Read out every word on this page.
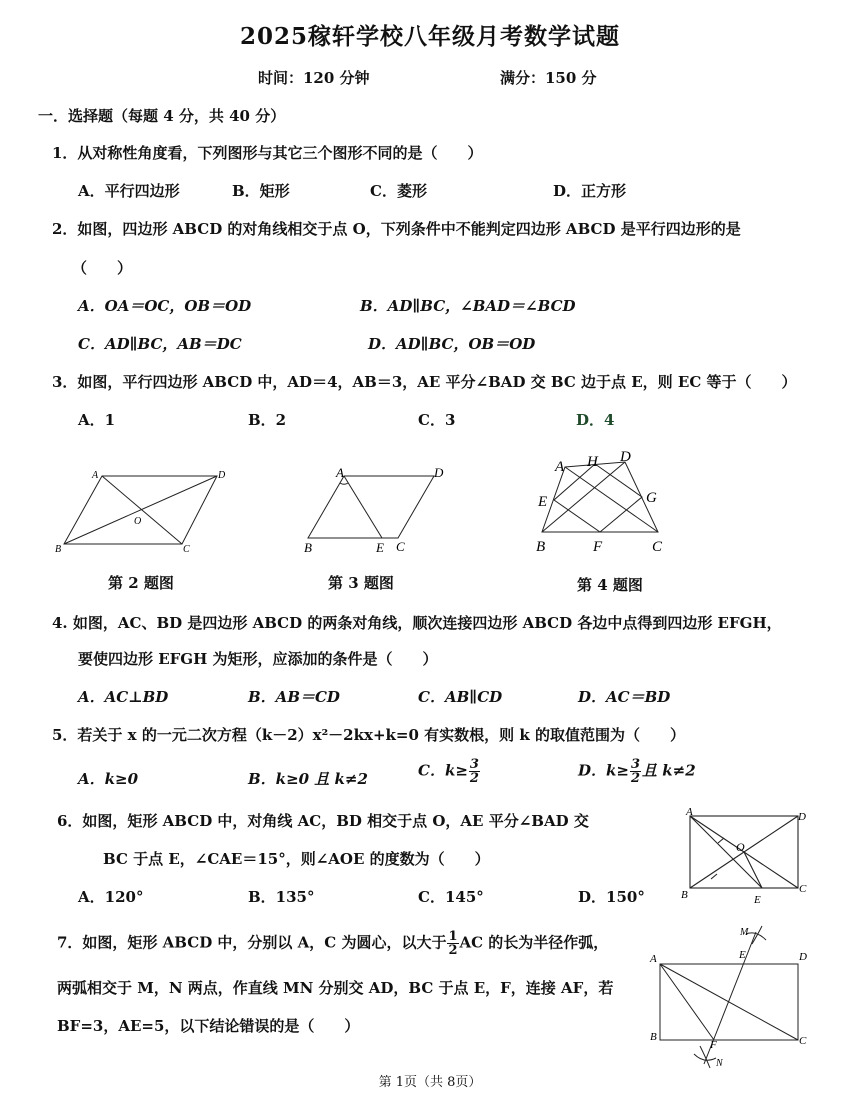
2025稼轩学校八年级月考数学试题
时间：120 分钟	满分：150 分
一．选择题（每题 4 分，共 40 分）
1．从对称性角度看，下列图形与其它三个图形不同的是（　　）
A．平行四边形	B．矩形	C．菱形	D．正方形
2．如图，四边形 ABCD 的对角线相交于点 O，下列条件中不能判定四边形 ABCD 是平行四边形的是
（　　）
A．OA＝OC，OB＝OD	B．AD∥BC，∠BAD＝∠BCD
C．AD∥BC，AB＝DC	D．AD∥BC，OB＝OD
3．如图，平行四边形 ABCD 中，AD＝4，AB＝3，AE 平分∠BAD 交 BC 边于点 E，则 EC 等于（　　）
A．1	B．2	C．3	D．4
A	D
B	C
O
第 2 题图
A	D
B	E C
第 3 题图
A H D
E	G
B	F	C
第 4 题图
4. 如图，AC、BD 是四边形 ABCD 的两条对角线，顺次连接四边形 ABCD 各边中点得到四边形 EFGH，
要使四边形 EFGH 为矩形，应添加的条件是（　　）
A．AC⊥BD	B．AB＝CD	C．AB∥CD	D．AC＝BD
5．若关于 x 的一元二次方程（k－2）x²－2kx+k=0 有实数根，则 k 的取值范围为（　　）
A．k≥0	B．k≥0 且 k≠2	C．$k\ge \frac{3}{2}$	D．$k\ge \frac{3}{2}$ 且 k≠2
6．如图，矩形 ABCD 中，对角线 AC，BD 相交于点 O，AE 平分∠BAD 交
BC 于点 E，∠CAE＝15°，则∠AOE 的度数为（　　）
A．120°	B．135°	C．145°	D．150°
A	D
O
B	C
E
7．如图，矩形 ABCD 中，分别以 A，C 为圆心，以大于 $\frac{1}{2}$ AC 的长为半径作弧，
两弧相交于 M，N 两点，作直线 MN 分别交 AD，BC 于点 E，F，连接 AF，若
BF=3，AE=5，以下结论错误的是（　　）
M
A	E	D
B	C
F
N
第 1页（共 8页）
